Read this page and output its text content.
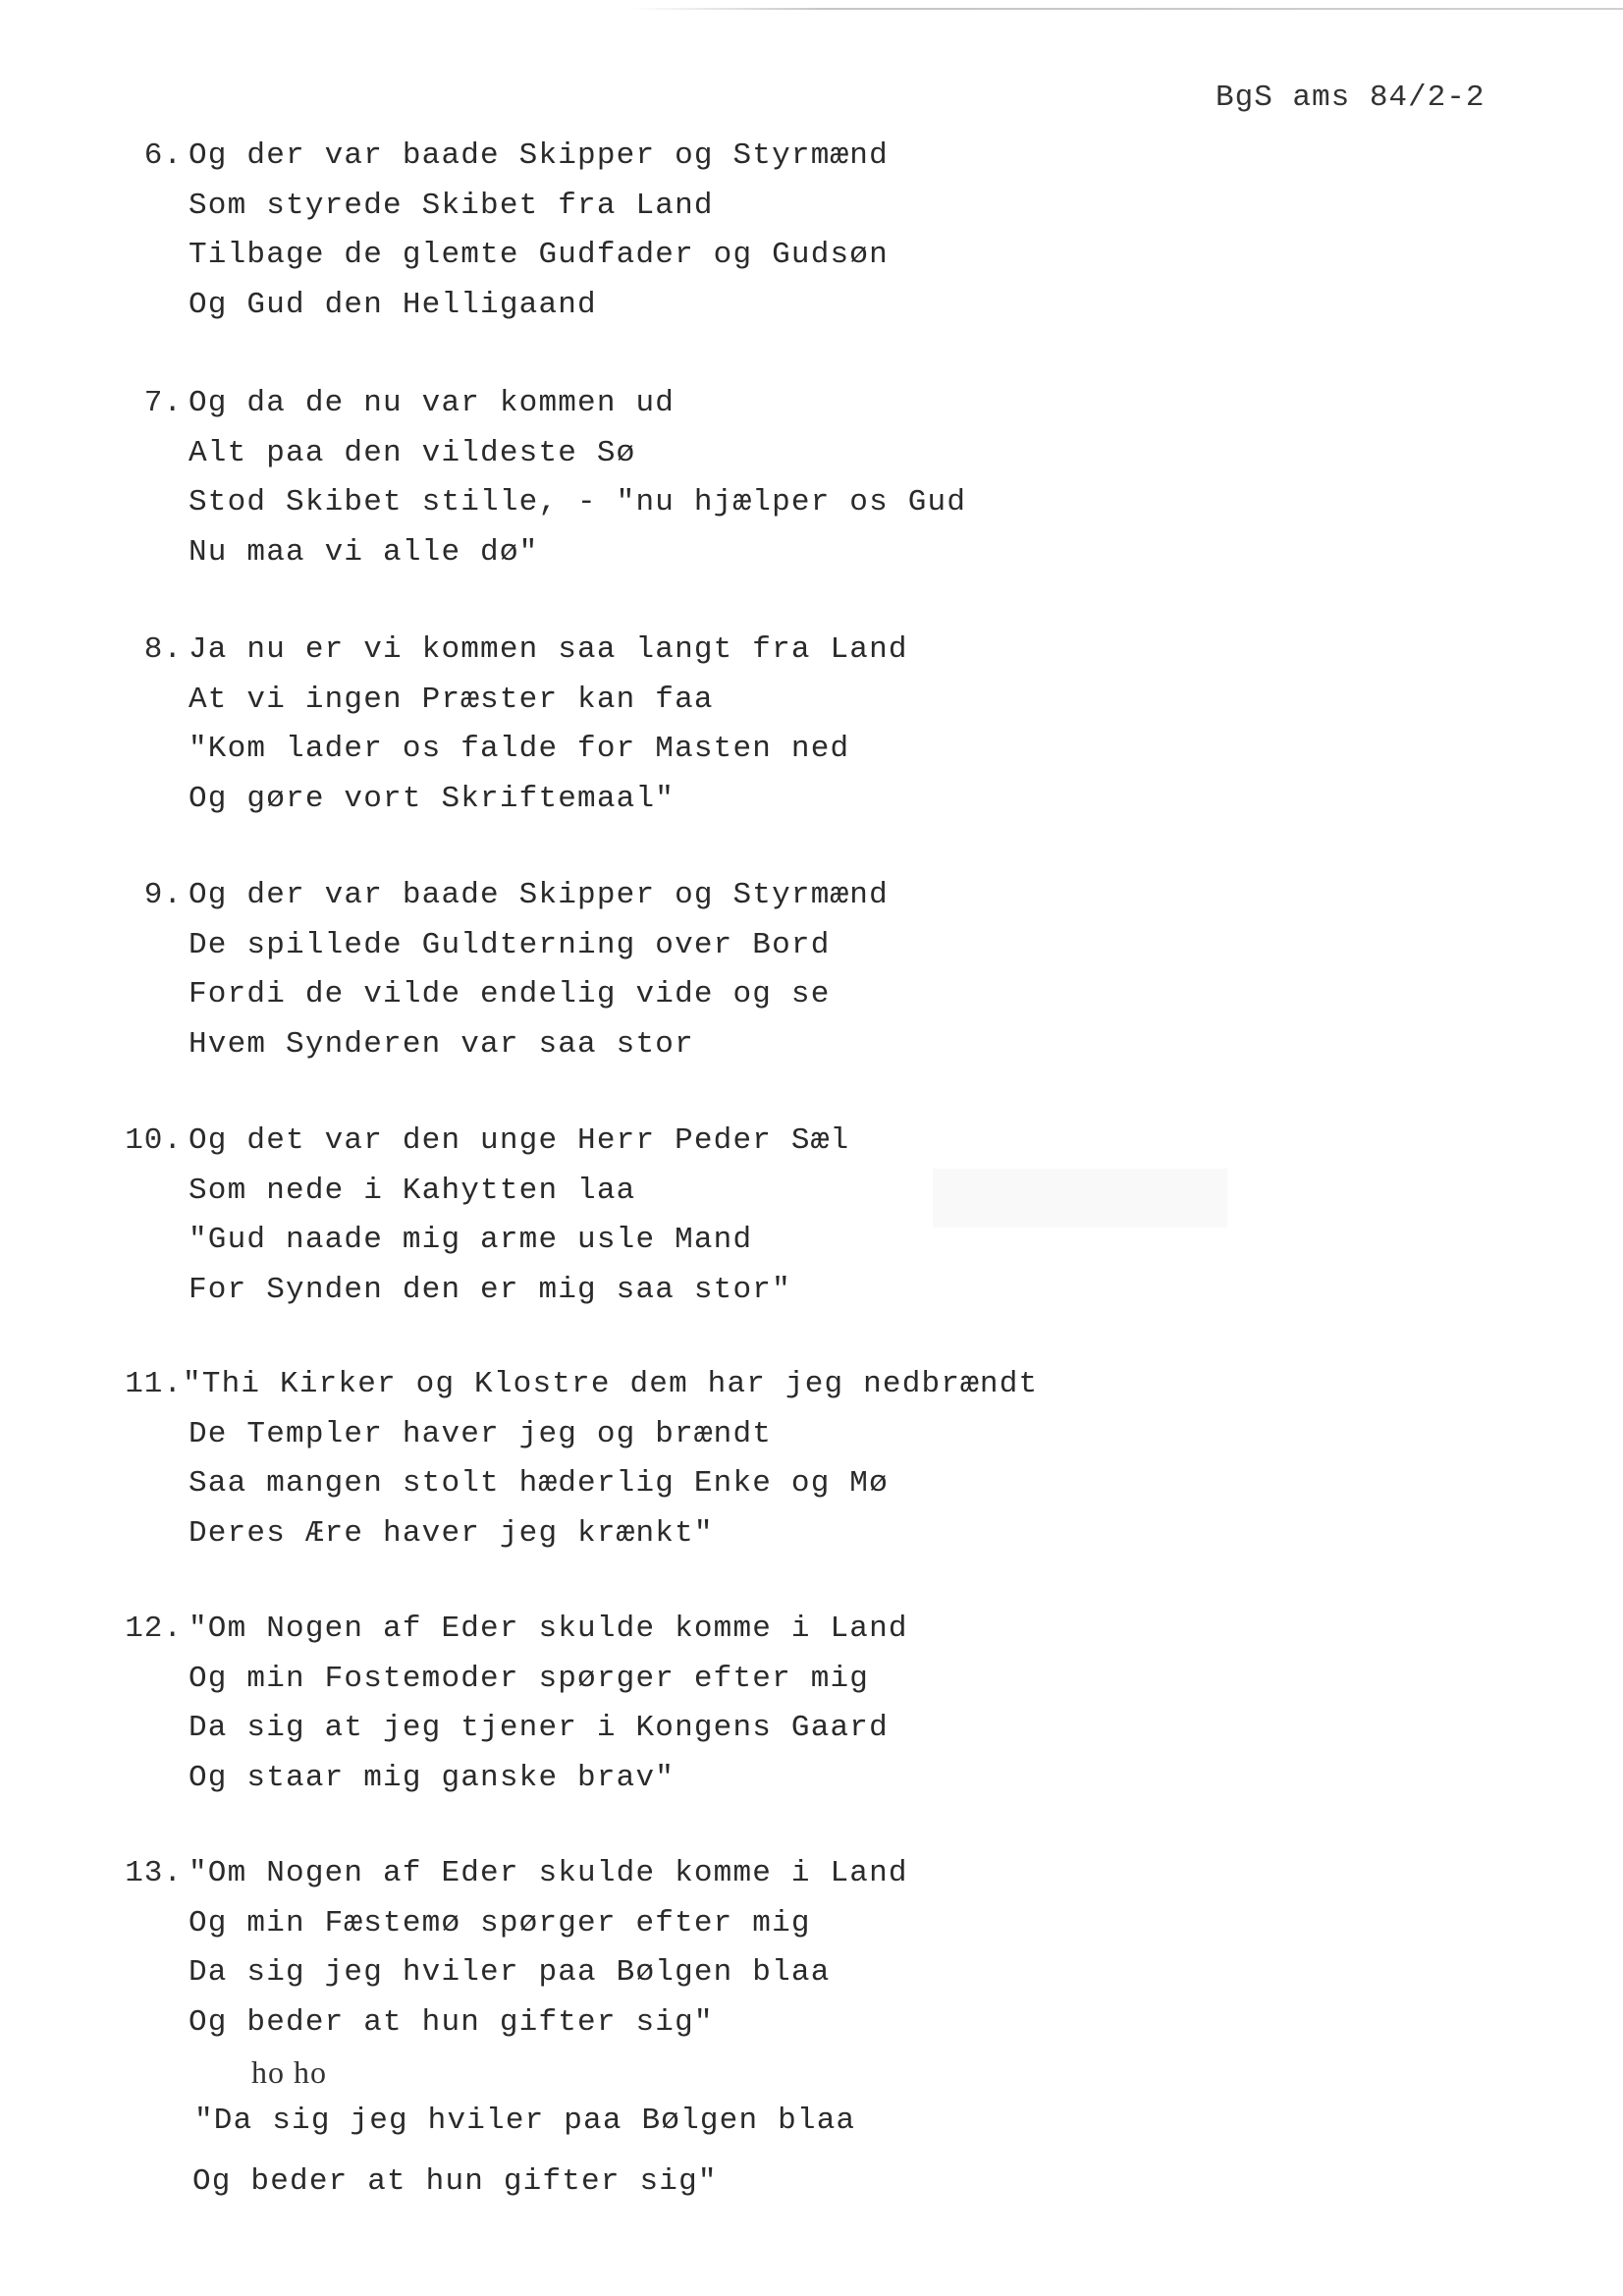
BgS ams 84/2-2
6. Og der var baade Skipper og Styrmænd
Som styrede Skibet fra Land
Tilbage de glemte Gudfader og Gudsøn
Og Gud den Helligaand
7. Og da de nu var kommen ud
Alt paa den vildeste Sø
Stod Skibet stille, - "nu hjælper os Gud
Nu maa vi alle dø"
8. Ja nu er vi kommen saa langt fra Land
At vi ingen Præster kan faa
"Kom lader os falde for Masten ned
Og gøre vort Skriftemaal"
9. Og der var baade Skipper og Styrmænd
De spillede Guldterning over Bord
Fordi de vilde endelig vide og se
Hvem Synderen var saa stor
10. Og det var den unge Herr Peder Sæl
Som nede i Kahytten laa
"Gud naade mig arme usle Mand
For Synden den er mig saa stor"
11. "Thi Kirker og Klostre dem har jeg nedbrændt
De Templer haver jeg og brændt
Saa mangen stolt hæderlig Enke og Mø
Deres Ære haver jeg krænkt"
12. "Om Nogen af Eder skulde komme i Land
Og min Fostemoder spørger efter mig
Da sig at jeg tjener i Kongens Gaard
Og staar mig ganske brav"
13. "Om Nogen af Eder skulde komme i Land
Og min Fæstemø spørger efter mig
Da sig jeg hviler paa Bølgen blaa
Og beder at hun gifter sig"
ho ho
"Da sig jeg hviler paa Bølgen blaa
Og beder at hun gifter sig"
